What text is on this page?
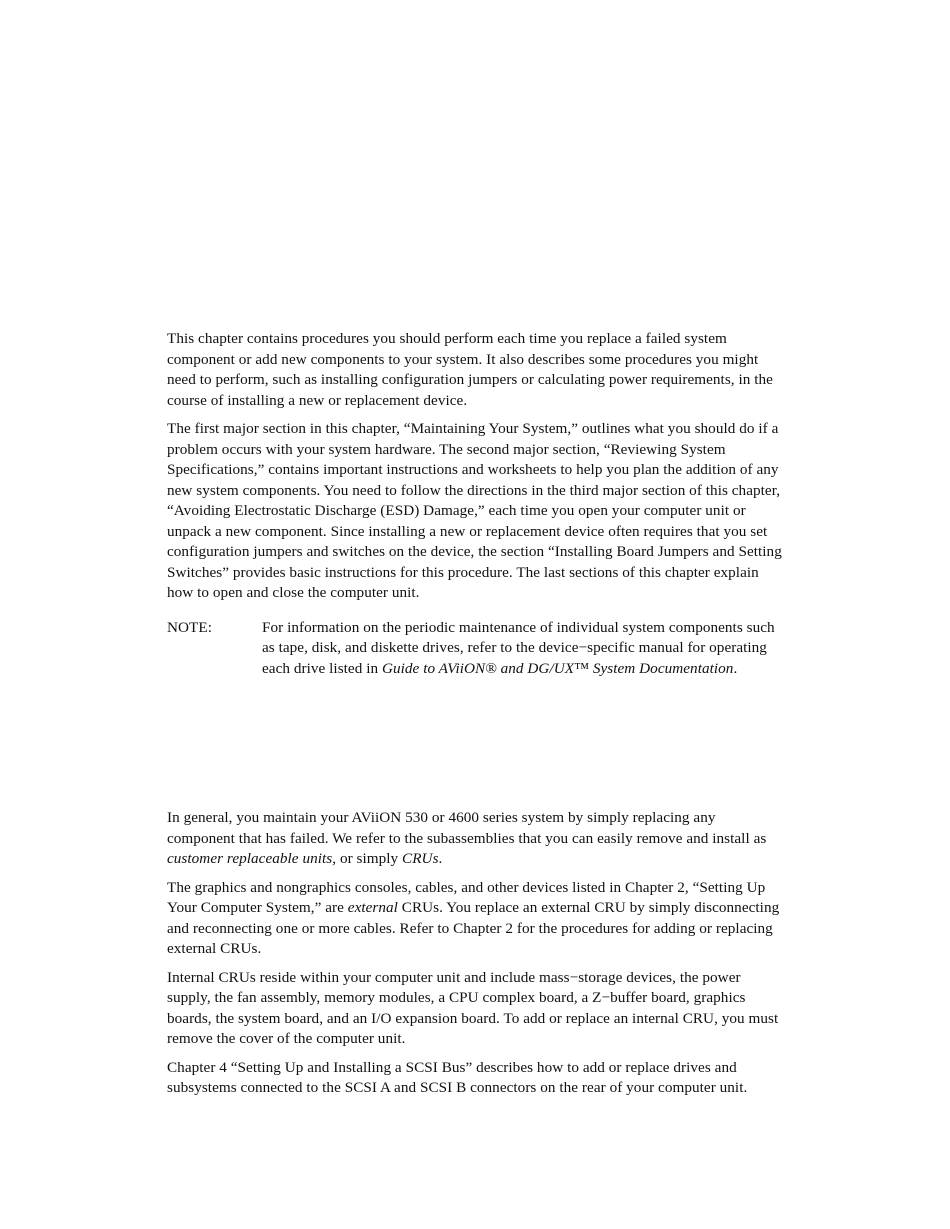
This chapter contains procedures you should perform each time you replace a failed system component or add new components to your system. It also describes some procedures you might need to perform, such as installing configuration jumpers or calculating power requirements, in the course of installing a new or replacement device.

The first major section in this chapter, “Maintaining Your System,” outlines what you should do if a problem occurs with your system hardware. The second major section, “Reviewing System Specifications,” contains important instructions and worksheets to help you plan the addition of any new system components. You need to follow the directions in the third major section of this chapter, “Avoiding Electrostatic Discharge (ESD) Damage,” each time you open your computer unit or unpack a new component. Since installing a new or replacement device often requires that you set configuration jumpers and switches on the device, the section “Installing Board Jumpers and Setting Switches” provides basic instructions for this procedure. The last sections of this chapter explain how to open and close the computer unit.

NOTE:	For information on the periodic maintenance of individual system components such as tape, disk, and diskette drives, refer to the device−specific manual for operating each drive listed in Guide to AViiON® and DG/UX™ System Documentation.

In general, you maintain your AViiON 530 or 4600 series system by simply replacing any component that has failed. We refer to the subassemblies that you can easily remove and install as customer replaceable units, or simply CRUs.

The graphics and nongraphics consoles, cables, and other devices listed in Chapter 2, “Setting Up Your Computer System,” are external CRUs. You replace an external CRU by simply disconnecting and reconnecting one or more cables. Refer to Chapter 2 for the procedures for adding or replacing external CRUs.

Internal CRUs reside within your computer unit and include mass−storage devices, the power supply, the fan assembly, memory modules, a CPU complex board, a Z−buffer board, graphics boards, the system board, and an I/O expansion board. To add or replace an internal CRU, you must remove the cover of the computer unit.

Chapter 4 “Setting Up and Installing a SCSI Bus” describes how to add or replace drives and subsystems connected to the SCSI A and SCSI B connectors on the rear of your computer unit.
